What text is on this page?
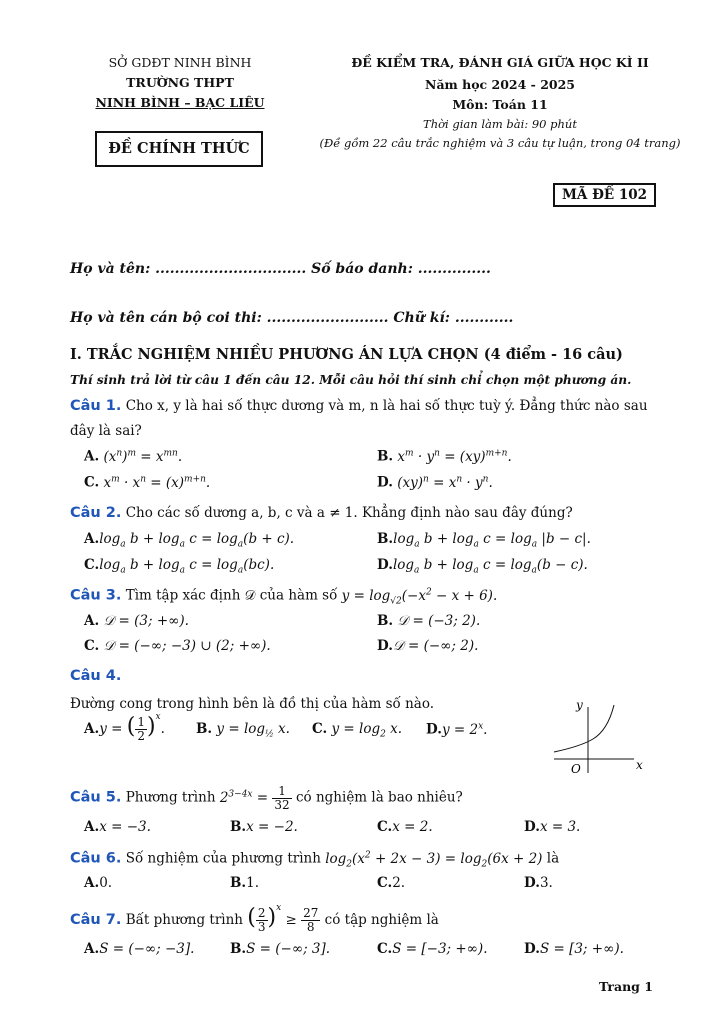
SỞ GDĐT NINH BÌNH
TRƯỜNG THPT
NINH BÌNH – BẠC LIÊU
ĐỀ CHÍNH THỨC
ĐỀ KIỂM TRA, ĐÁNH GIÁ GIỮA HỌC KÌ II
Năm học 2024 - 2025
Môn: Toán 11
Thời gian làm bài: 90 phút
(Đề gồm 22 câu trắc nghiệm và 3 câu tự luận, trong 04 trang)
MÃ ĐỀ 102
Họ và tên: ............................... Số báo danh: ...............
Họ và tên cán bộ coi thi: ......................... Chữ kí: ............
I. TRẮC NGHIỆM NHIỀU PHƯƠNG ÁN LỰA CHỌN (4 điểm - 16 câu)
Thí sinh trả lời từ câu 1 đến câu 12. Mỗi câu hỏi thí sinh chỉ chọn một phương án.
Câu 1. Cho x, y là hai số thực dương và m, n là hai số thực tuỳ ý. Đẳng thức nào sau
đây là sai?
A. $(x^n)^m = x^{mn}$.	B. $x^m \cdot y^n = (xy)^{m+n}$.
C. $x^m \cdot x^n = (x)^{m+n}$.	D. $(xy)^n = x^n \cdot y^n$.
Câu 2. Cho các số dương a, b, c và a ≠ 1. Khẳng định nào sau đây đúng?
$A.\log_a$ $b + \log_a c = \log_a(b + c)$.	$B.\log_a$ $b + \log_a c = \log_a |b - c|$.
$C.\log_a$ $b + \log_a c = \log_a(bc)$.	$D.\log_a$ $b + \log_a c = \log_a(b - c)$.
Câu 3. Tìm tập xác định 𝒟 của hàm số $y = \log_{√2}(-x^2 - x + 6)$.
A. 𝒟 = (3; +∞).	B. 𝒟 = (−3; 2).
C. 𝒟 = (−∞; −3) ∪ (2; +∞).	D.𝒟 = (−∞; 2).
Câu 4.
Đường cong trong hình bên là đồ thị của hàm số nào.
A.y = ( $\frac{1}{2} )^x$. B. $y = \log_{\frac{1}{2}} x$. C. $y = \log_2 x$. $D.y = 2^x$.
y
x
O
Câu 5. Phương trình $2^{3-4x} = \frac{1}{32}$ có nghiệm là bao nhiêu?
A.x = −3.	B.x = −2.	C.x = 2.	D.x = 3.
Câu 6. Số nghiệm của phương trình $\log_2(x^2 + 2x - 3) = \log_2(6x + 2)$ là
A.0.	B.1.	C.2.	D.3.
Câu 7. Bất phương trình ( $\frac{2}{3} )^x \ge \frac{27}{8}$ có tập nghiệm là
A.S = (−∞; −3].	B.S = (−∞; 3].	C.S = [−3; +∞).	D.S = [3; +∞).
Trang 1
